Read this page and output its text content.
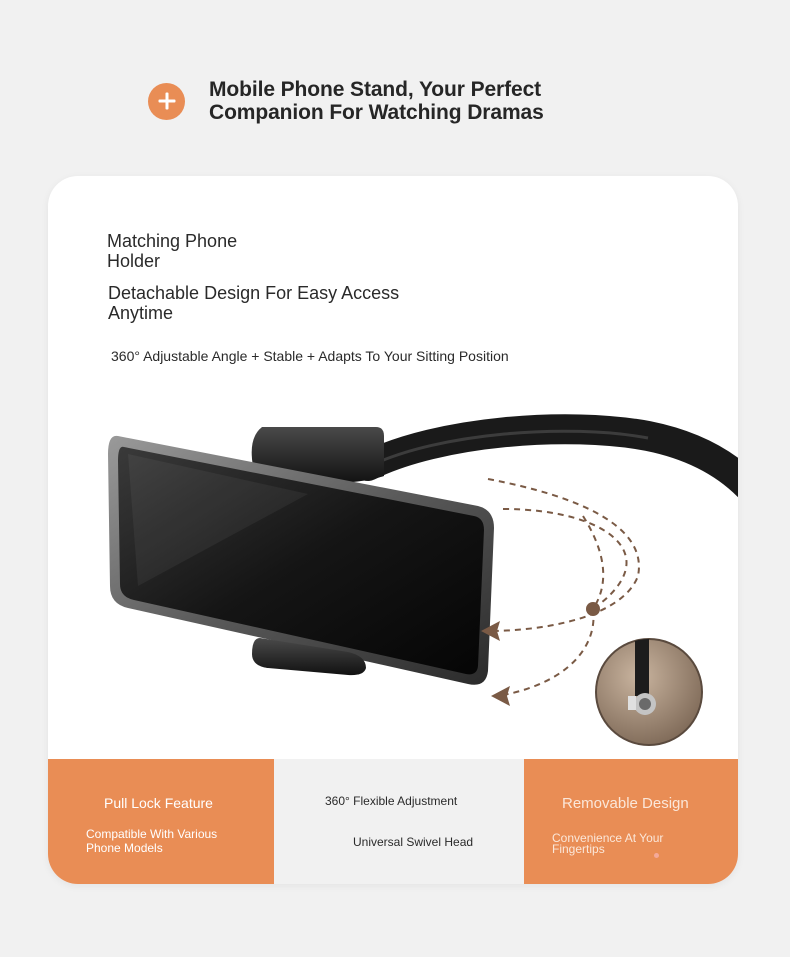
Mobile Phone Stand, Your Perfect Companion For Watching Dramas
Matching Phone Holder
Detachable Design For Easy Access Anytime
360° Adjustable Angle + Stable + Adapts To Your Sitting Position
Pull Lock Feature
Compatible With Various Phone Models
360° Flexible Adjustment
Universal Swivel Head
Removable Design
Convenience At Your Fingertips
